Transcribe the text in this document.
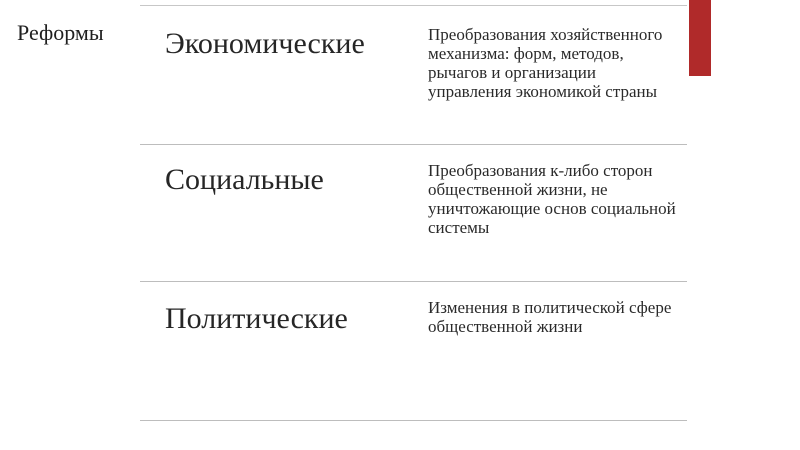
Реформы Экономические	Преобразования хозяйственного механизма: форм, методов, рычагов и организации управления экономикой страны
Социальные	Преобразования к-либо сторон общественной жизни, не уничтожающие основ социальной системы
Политические	Изменения в политической сфере общественной жизни
